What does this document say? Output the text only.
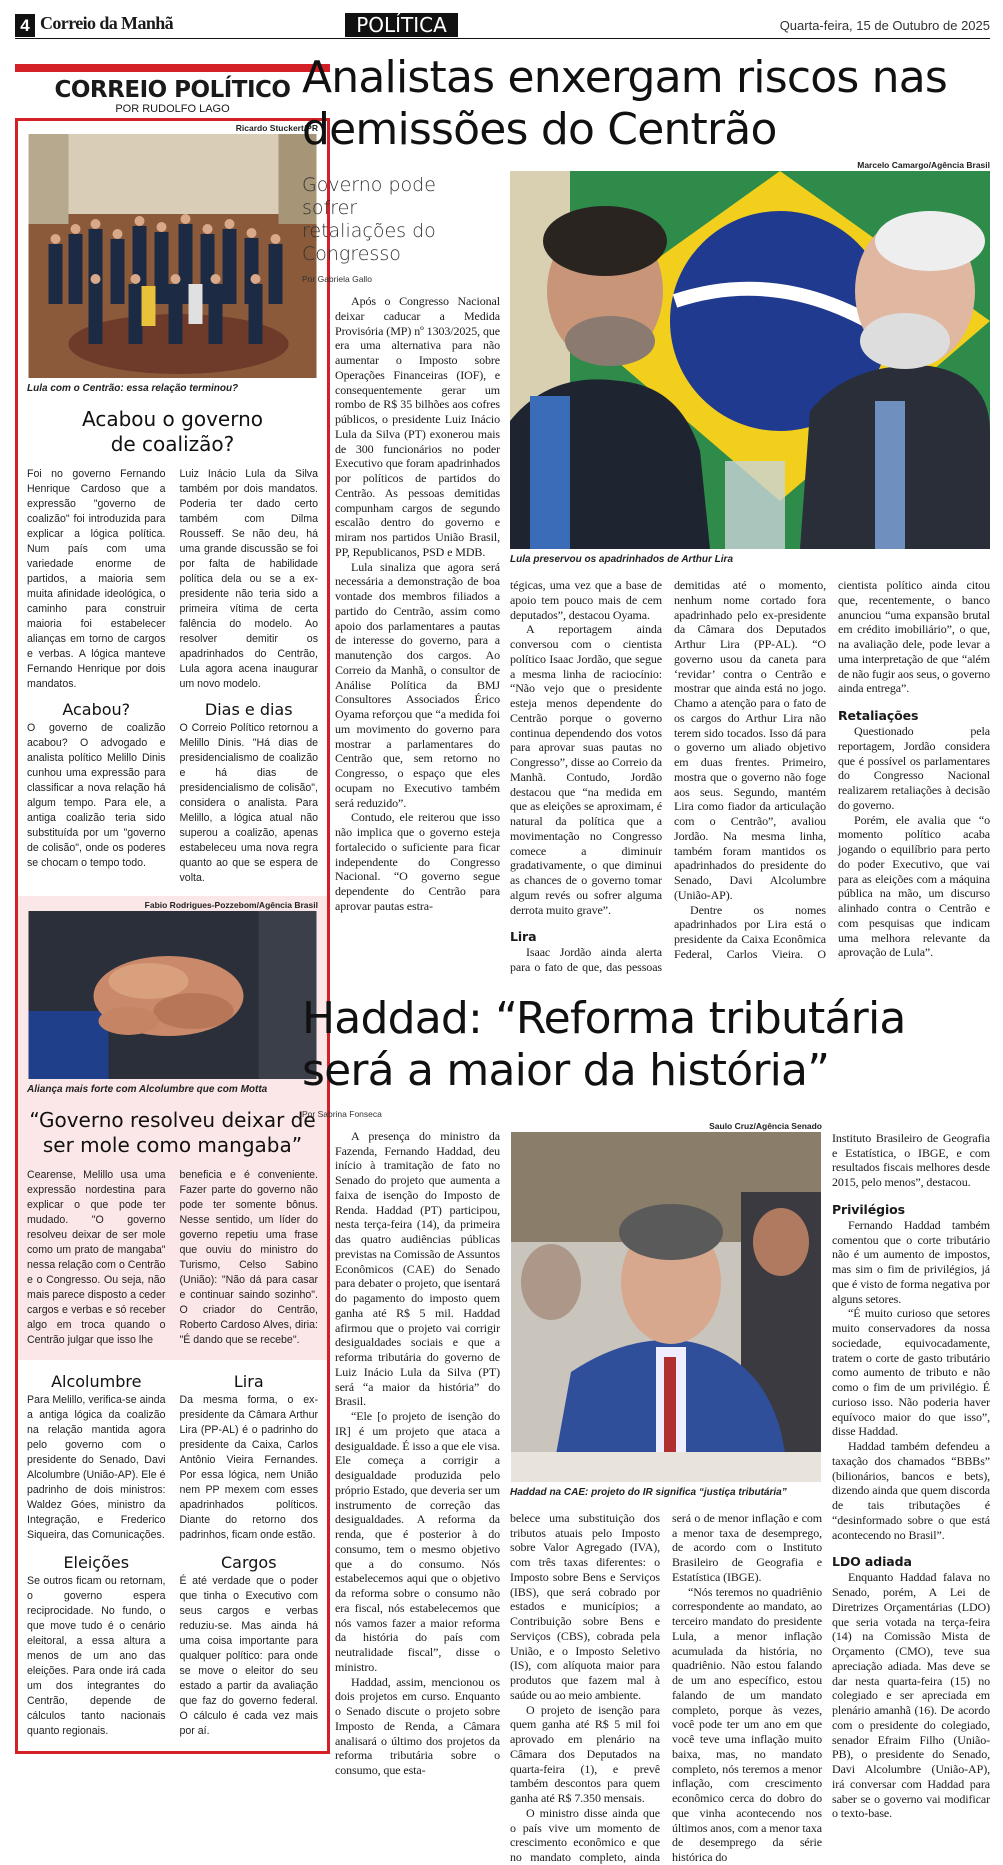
4 Correio da Manhã	POLÍTICA	Quarta-feira, 15 de Outubro de 2025
CORREIO POLÍTICO
POR RUDOLFO LAGO
Ricardo Stuckert/PR
Lula com o Centrão: essa relação terminou?
Acabou o governo de coalizão?

Foi no governo Fernando Henrique Cardoso que a expressão "governo de coalizão" foi introduzida para explicar a lógica política. Num país com uma variedade enorme de partidos, a maioria sem muita afinidade ideológica, o caminho para construir maioria foi estabelecer alianças em torno de cargos e verbas. A lógica manteve Fernando Henrique por dois mandatos.

Luiz Inácio Lula da Silva também por dois mandatos. Poderia ter dado certo também com Dilma Rousseff. Se não deu, há uma grande discussão se foi por falta de habilidade política dela ou se a ex-presidente não teria sido a primeira vítima de certa falência do modelo. Ao resolver demitir os apadrinhados do Centrão, Lula agora acena inaugurar um novo modelo.

Acabou?

O governo de coalizão acabou? O advogado e analista político Melillo Dinis cunhou uma expressão para classificar a nova relação há algum tempo. Para ele, a antiga coalizão teria sido substituída por um "governo de colisão", onde os poderes se chocam o tempo todo.

Dias e dias

O Correio Político retornou a Melillo Dinis. "Há dias de presidencialismo de coalizão e há dias de presidencialismo de colisão", considera o analista. Para Melillo, a lógica atual não superou a coalizão, apenas estabeleceu uma nova regra quanto ao que se espera de volta.

Fabio Rodrigues-Pozzebom/Agência Brasil
Aliança mais forte com Alcolumbre que com Motta
“Governo resolveu deixar de ser mole como mangaba”

Cearense, Melillo usa uma expressão nordestina para explicar o que pode ter mudado. "O governo resolveu deixar de ser mole como um prato de mangaba" nessa relação com o Centrão e o Congresso. Ou seja, não mais parece disposto a ceder cargos e verbas e só receber algo em troca quando o Centrão julgar que isso lhe

beneficia e é conveniente. Fazer parte do governo não pode ter somente bônus. Nesse sentido, um líder do governo repetiu uma frase que ouviu do ministro do Turismo, Celso Sabino (União): "Não dá para casar e continuar saindo sozinho". O criador do Centrão, Roberto Cardoso Alves, diria: "É dando que se recebe".

Alcolumbre

Para Melillo, verifica-se ainda a antiga lógica da coalizão na relação mantida agora pelo governo com o presidente do Senado, Davi Alcolumbre (União-AP). Ele é padrinho de dois ministros: Waldez Góes, ministro da Integração, e Frederico Siqueira, das Comunicações.

Lira

Da mesma forma, o ex-presidente da Câmara Arthur Lira (PP-AL) é o padrinho do presidente da Caixa, Carlos Antônio Vieira Fernandes. Por essa lógica, nem União nem PP mexem com esses apadrinhados políticos. Diante do retorno dos padrinhos, ficam onde estão.

Eleições

Se outros ficam ou retornam, o governo espera reciprocidade. No fundo, o que move tudo é o cenário eleitoral, a essa altura a menos de um ano das eleições. Para onde irá cada um dos integrantes do Centrão, depende de cálculos tanto nacionais quanto regionais.

Cargos

É até verdade que o poder que tinha o Executivo com seus cargos e verbas reduziu-se. Mas ainda há uma coisa importante para qualquer político: para onde se move o eleitor do seu estado a partir da avaliação que faz do governo federal. O cálculo é cada vez mais por aí.

Analistas enxergam riscos nas demissões do Centrão
Governo pode sofrer retaliações do Congresso
Por Gabriela Gallo

Após o Congresso Nacional deixar caducar a Medida Provisória (MP) nº 1303/2025, que era uma alternativa para não aumentar o Imposto sobre Operações Financeiras (IOF), e consequentemente gerar um rombo de R$ 35 bilhões aos cofres públicos, o presidente Luiz Inácio Lula da Silva (PT) exonerou mais de 300 funcionários no poder Executivo que foram apadrinhados por políticos de partidos do Centrão. As pessoas demitidas compunham cargos de segundo escalão dentro do governo e miram nos partidos União Brasil, PP, Republicanos, PSD e MDB.

Lula sinaliza que agora será necessária a demonstração de boa vontade dos membros filiados a partido do Centrão, assim como apoio dos parlamentares a pautas de interesse do governo, para a manutenção dos cargos. Ao Correio da Manhã, o consultor de Análise Política da BMJ Consultores Associados Érico Oyama reforçou que “a medida foi um movimento do governo para mostrar a parlamentares do Centrão que, sem retorno no Congresso, o espaço que eles ocupam no Executivo também será reduzido”.

Contudo, ele reiterou que isso não implica que o governo esteja fortalecido o suficiente para ficar independente do Congresso Nacional. “O governo segue dependente do Centrão para aprovar pautas estra-

Marcelo Camargo/Agência Brasil
Lula preservou os apadrinhados de Arthur Lira

tégicas, uma vez que a base de apoio tem pouco mais de cem deputados”, destacou Oyama.

A reportagem ainda conversou com o cientista político Isaac Jordão, que segue a mesma linha de raciocínio: “Não vejo que o presidente esteja menos dependente do Centrão porque o governo continua dependendo dos votos para aprovar suas pautas no Congresso”, disse ao Correio da Manhã. Contudo, Jordão destacou que “na medida em que as eleições se aproximam, é natural da política que a movimentação no Congresso comece a diminuir gradativamente, o que diminui as chances de o governo tomar algum revés ou sofrer alguma derrota muito grave”.

Lira

Isaac Jordão ainda alerta para o fato de que, das pessoas demitidas até o momento, nenhum nome cortado fora apadrinhado pelo ex-presidente da Câmara dos Deputados Arthur Lira (PP-AL). “O governo usou da caneta para ‘revidar’ contra o Centrão e mostrar que ainda está no jogo. Chamo a atenção para o fato de os cargos do Arthur Lira não terem sido tocados. Isso dá para o governo um aliado objetivo em duas frentes. Primeiro, mostra que o governo não foge aos seus. Segundo, mantém Lira como fiador da articulação com o Centrão”, avaliou Jordão. Na mesma linha, também foram mantidos os apadrinhados do presidente do Senado, Davi Alcolumbre (União-AP).

Dentre os nomes apadrinhados por Lira está o presidente da Caixa Econômica Federal, Carlos Vieira. O cientista político ainda citou que, recentemente, o banco anunciou “uma expansão brutal em crédito imobiliário”, o que, na avaliação dele, pode levar a uma interpretação de que “além de não fugir aos seus, o governo ainda entrega”.

Retaliações

Questionado pela reportagem, Jordão considera que é possível os parlamentares do Congresso Nacional realizarem retaliações à decisão do governo.

Porém, ele avalia que “o momento político acaba jogando o equilíbrio para perto do poder Executivo, que vai para as eleições com a máquina pública na mão, um discurso alinhado contra o Centrão e com pesquisas que indicam uma melhora relevante da aprovação de Lula”.

Haddad: “Reforma tributária será a maior da história”
Por Sabrina Fonseca

A presença do ministro da Fazenda, Fernando Haddad, deu início à tramitação de fato no Senado do projeto que aumenta a faixa de isenção do Imposto de Renda. Haddad (PT) participou, nesta terça-feira (14), da primeira das quatro audiências públicas previstas na Comissão de Assuntos Econômicos (CAE) do Senado para debater o projeto, que isentará do pagamento do imposto quem ganha até R$ 5 mil. Haddad afirmou que o projeto vai corrigir desigualdades sociais e que a reforma tributária do governo de Luiz Inácio Lula da Silva (PT) será “a maior da história” do Brasil.

“Ele [o projeto de isenção do IR] é um projeto que ataca a desigualdade. É isso a que ele visa. Ele começa a corrigir a desigualdade produzida pelo próprio Estado, que deveria ser um instrumento de correção das desigualdades. A reforma da renda, que é posterior à do consumo, tem o mesmo objetivo que a do consumo. Nós estabelecemos aqui que o objetivo da reforma sobre o consumo não era fiscal, nós estabelecemos que nós vamos fazer a maior reforma da história do país com neutralidade fiscal”, disse o ministro.

Haddad, assim, mencionou os dois projetos em curso. Enquanto o Senado discute o projeto sobre Imposto de Renda, a Câmara analisará o último dos projetos da reforma tributária sobre o consumo, que esta-

Saulo Cruz/Agência Senado
Haddad na CAE: projeto do IR significa “justiça tributária”

belece uma substituição dos tributos atuais pelo Imposto sobre Valor Agregado (IVA), com três taxas diferentes: o Imposto sobre Bens e Serviços (IBS), que será cobrado por estados e municípios; a Contribuição sobre Bens e Serviços (CBS), cobrada pela União, e o Imposto Seletivo (IS), com alíquota maior para produtos que fazem mal à saúde ou ao meio ambiente.

O projeto de isenção para quem ganha até R$ 5 mil foi aprovado em plenário na Câmara dos Deputados na quarta-feira (1), e prevê também descontos para quem ganha até R$ 7.350 mensais.

O ministro disse ainda que o país vive um momento de crescimento econômico e que no mandato completo, ainda será o de menor inflação e com a menor taxa de desemprego, de acordo com o Instituto Brasileiro de Geografia e Estatística (IBGE).

“Nós teremos no quadriênio correspondente ao mandato, ao terceiro mandato do presidente Lula, a menor inflação acumulada da história, no quadriênio. Não estou falando de um ano específico, estou falando de um mandato completo, porque às vezes, você pode ter um ano em que você teve uma inflação muito baixa, mas, no mandato completo, nós teremos a menor inflação, com crescimento econômico cerca do dobro do que vinha acontecendo nos últimos anos, com a menor taxa de desemprego da série histórica do

Instituto Brasileiro de Geografia e Estatística, o IBGE, e com resultados fiscais melhores desde 2015, pelo menos”, destacou.

Privilégios

Fernando Haddad também comentou que o corte tributário não é um aumento de impostos, mas sim o fim de privilégios, já que é visto de forma negativa por alguns setores.

“É muito curioso que setores muito conservadores da nossa sociedade, equivocadamente, tratem o corte de gasto tributário como aumento de tributo e não como o fim de um privilégio. É curioso isso. Não poderia haver equívoco maior do que isso”, disse Haddad.

Haddad também defendeu a taxação dos chamados “BBBs” (bilionários, bancos e bets), dizendo ainda que quem discorda de tais tributações é “desinformado sobre o que está acontecendo no Brasil”.

LDO adiada

Enquanto Haddad falava no Senado, porém, A Lei de Diretrizes Orçamentárias (LDO) que seria votada na terça-feira (14) na Comissão Mista de Orçamento (CMO), teve sua apreciação adiada. Mas deve se dar nesta quarta-feira (15) no colegiado e ser apreciada em plenário amanhã (16). De acordo com o presidente do colegiado, senador Efraim Filho (União-PB), o presidente do Senado, Davi Alcolumbre (União-AP), irá conversar com Haddad para saber se o governo vai modificar o texto-base.
